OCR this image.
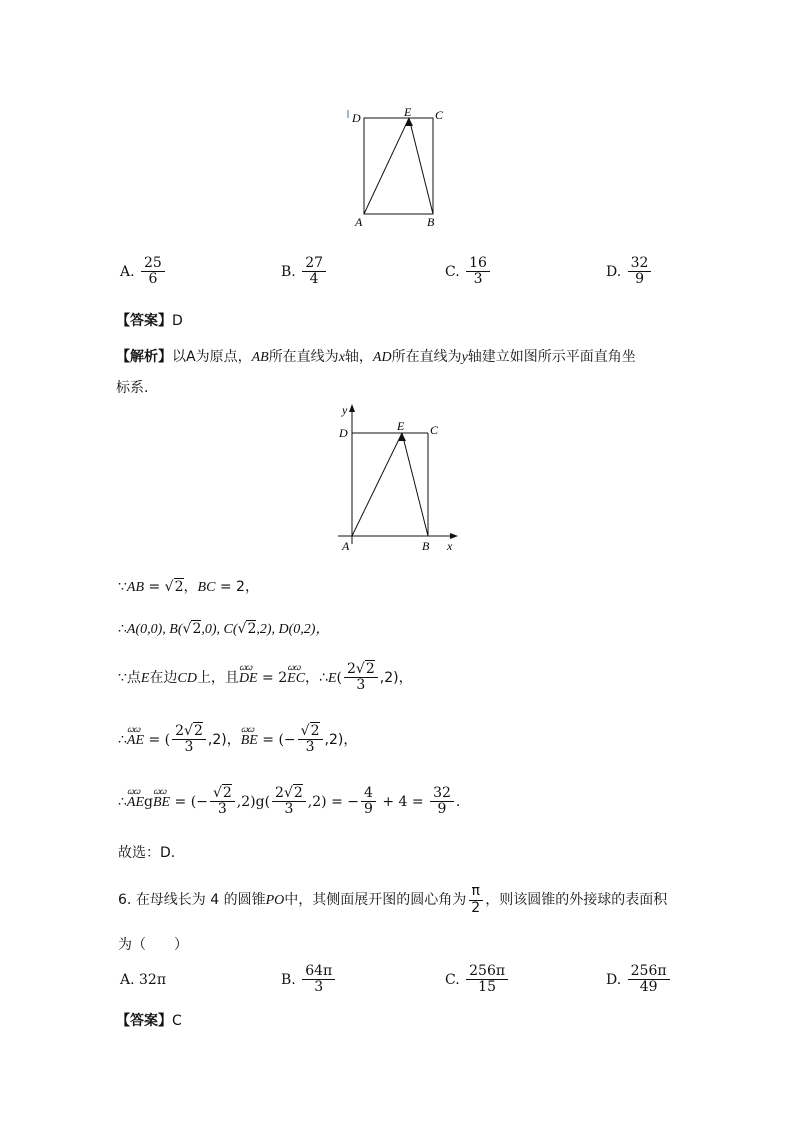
D	E C
A	B
A. $\frac{25}{6}$	B. $\frac{27}{4}$	C. $\frac{16}{3}$	D. $\frac{32}{9}$
【答案】D
【解析】以A为原点，AB所在直线为x轴，AD所在直线为y轴建立如图所示平面直角坐
标系.
y
D	E C
A	B x
∵AB = √2，BC = 2，
∴A(0,0), B(√2,0), C(√2,2), D(0,2)，
∵点E在边CD上，且ꞷꞷ DE = 2ꞷꞷ EC，∴E( $\frac{2√2}{3} ,2$)，
∴ꞷꞷ AE = ( $\frac{2√2}{3} ,2$)，ꞷꞷ BE = (− $\frac{√2}{3} ,2$)，
∴ꞷꞷ AEgꞷꞷ BE = (− $\frac{√2}{3} ,2)g( \frac{2√2}{3} ,2)$ = − $\frac{4}{9} + 4 = \frac{32}{9}$ .
故选：D.
6. 在母线长为 4 的圆锥PO中，其侧面展开图的圆心角为 $\frac{\pi}{2}$ ，则该圆锥的外接球的表面积
为（　　）
A. 32π	B. $\frac{64\pi}{3}$	C. $\frac{256\pi}{15}$	D. $\frac{256\pi}{49}$
【答案】C
